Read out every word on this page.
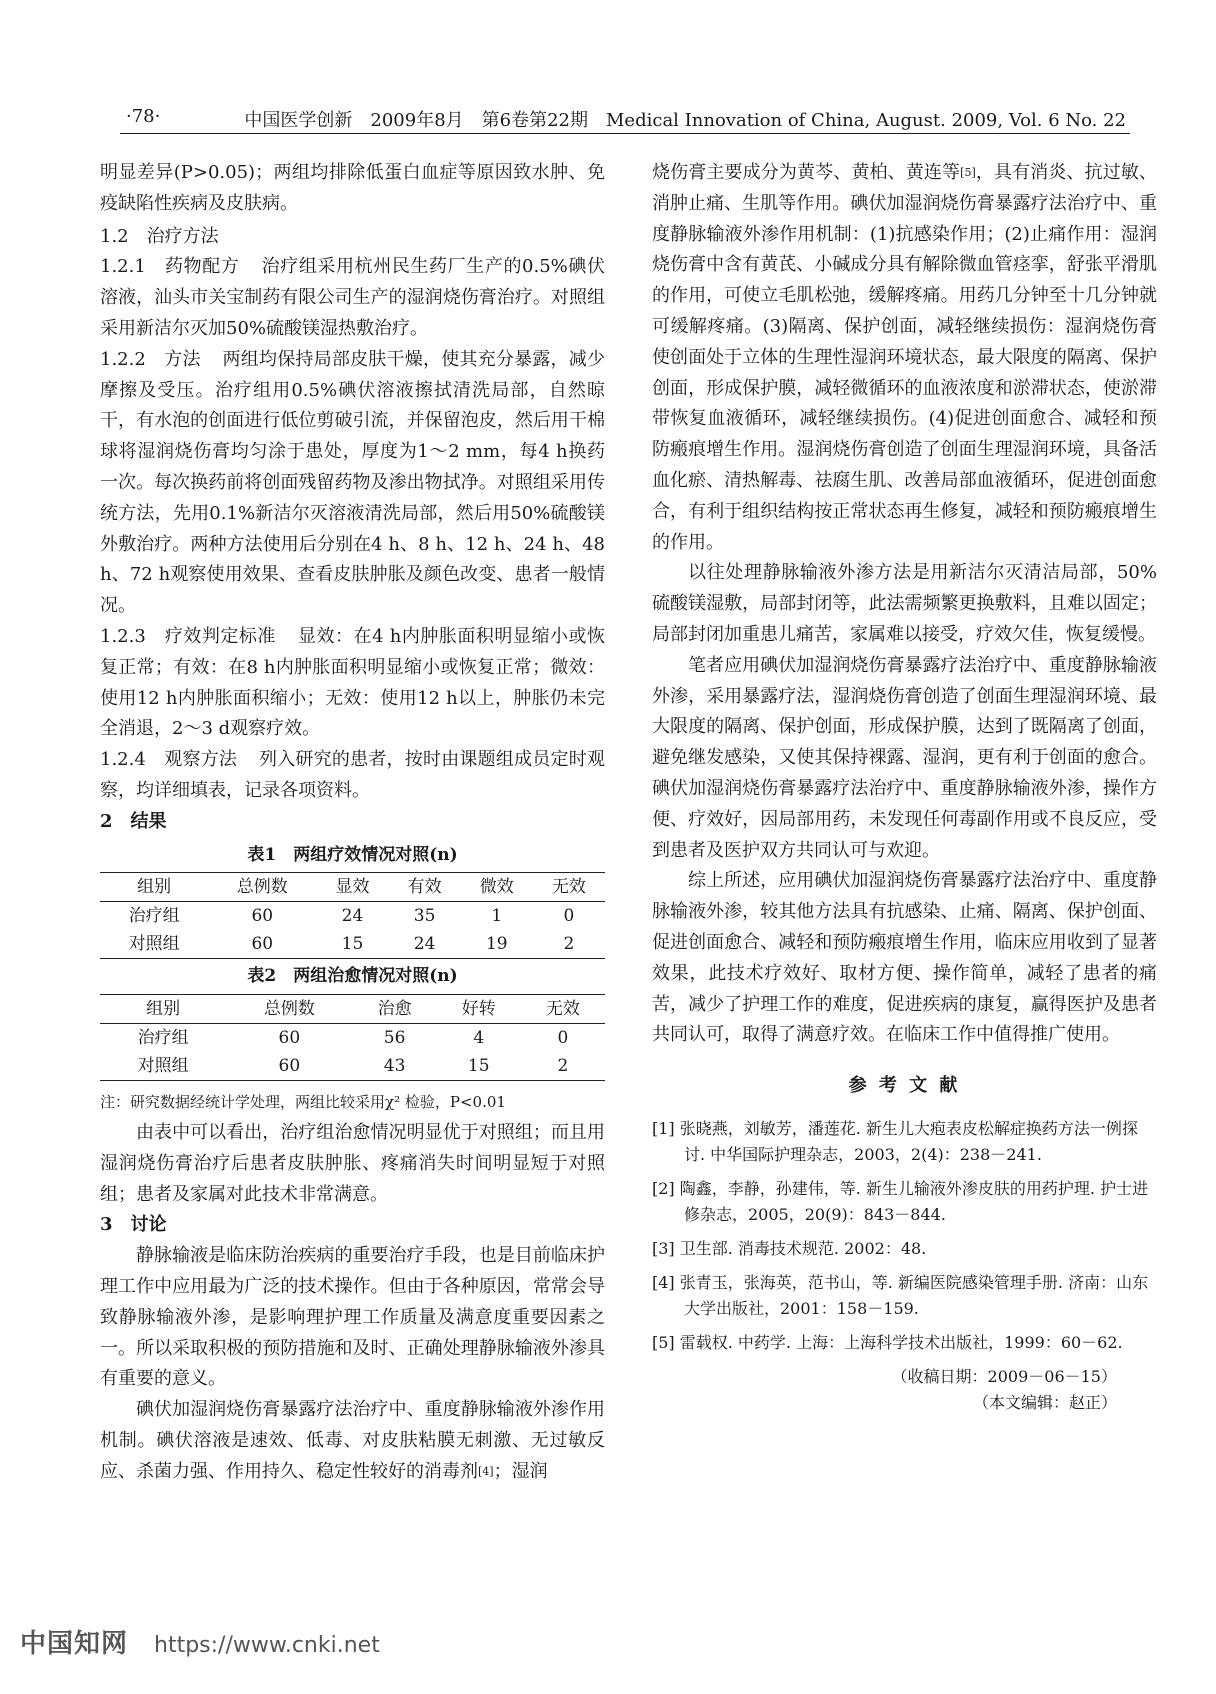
·78·	中国医学创新　2009年8月　第6卷第22期　Medical Innovation of China, August. 2009, Vol. 6 No. 22

明显差异(P>0.05)；两组均排除低蛋白血症等原因致水肿、免疫缺陷性疾病及皮肤病。

1.2　治疗方法

1.2.1　药物配方 治疗组采用杭州民生药厂生产的0.5%碘伏溶液，汕头市关宝制药有限公司生产的湿润烧伤膏治疗。对照组采用新洁尔灭加50%硫酸镁湿热敷治疗。

1.2.2　方法 两组均保持局部皮肤干燥，使其充分暴露，减少摩擦及受压。治疗组用0.5%碘伏溶液擦拭清洗局部，自然晾干，有水泡的创面进行低位剪破引流，并保留泡皮，然后用干棉球将湿润烧伤膏均匀涂于患处，厚度为1～2 mm，每4 h换药一次。每次换药前将创面残留药物及渗出物拭净。对照组采用传统方法，先用0.1%新洁尔灭溶液清洗局部，然后用50%硫酸镁外敷治疗。两种方法使用后分别在4 h、8 h、12 h、24 h、48 h、72 h观察使用效果、查看皮肤肿胀及颜色改变、患者一般情况。

1.2.3　疗效判定标准 显效：在4 h内肿胀面积明显缩小或恢复正常；有效：在8 h内肿胀面积明显缩小或恢复正常；微效：使用12 h内肿胀面积缩小；无效：使用12 h以上，肿胀仍未完全消退，2～3 d观察疗效。

1.2.4　观察方法 列入研究的患者，按时由课题组成员定时观察，均详细填表，记录各项资料。

2　结果

表1　两组疗效情况对照(n)
组别	总例数	显效	有效	微效	无效
治疗组	60	24	35	1	0
对照组	60	15	24	19	2
表2　两组治愈情况对照(n)
组别	总例数	治愈	好转	无效
治疗组	60	56	4	0
对照组	60	43	15	2

注：研究数据经统计学处理，两组比较采用χ² 检验，P<0.01

由表中可以看出，治疗组治愈情况明显优于对照组；而且用湿润烧伤膏治疗后患者皮肤肿胀、疼痛消失时间明显短于对照组；患者及家属对此技术非常满意。

3　讨论

静脉输液是临床防治疾病的重要治疗手段，也是目前临床护理工作中应用最为广泛的技术操作。但由于各种原因，常常会导致静脉输液外渗，是影响理护理工作质量及满意度重要因素之一。所以采取积极的预防措施和及时、正确处理静脉输液外渗具有重要的意义。

碘伏加湿润烧伤膏暴露疗法治疗中、重度静脉输液外渗作用机制。碘伏溶液是速效、低毒、对皮肤粘膜无刺激、无过敏反应、杀菌力强、作用持久、稳定性较好的消毒剂[4]；湿润

烧伤膏主要成分为黄芩、黄柏、黄连等[5]，具有消炎、抗过敏、消肿止痛、生肌等作用。碘伏加湿润烧伤膏暴露疗法治疗中、重度静脉输液外渗作用机制：(1)抗感染作用；(2)止痛作用：湿润烧伤膏中含有黄芪、小碱成分具有解除微血管痉挛，舒张平滑肌的作用，可使立毛肌松弛，缓解疼痛。用药几分钟至十几分钟就可缓解疼痛。(3)隔离、保护创面，减轻继续损伤：湿润烧伤膏使创面处于立体的生理性湿润环境状态，最大限度的隔离、保护创面，形成保护膜，减轻微循环的血液浓度和淤滞状态，使淤滞带恢复血液循环，减轻继续损伤。(4)促进创面愈合、减轻和预防瘢痕增生作用。湿润烧伤膏创造了创面生理湿润环境，具备活血化瘀、清热解毒、祛腐生肌、改善局部血液循环，促进创面愈合，有利于组织结构按正常状态再生修复，减轻和预防瘢痕增生的作用。

以往处理静脉输液外渗方法是用新洁尔灭清洁局部，50%硫酸镁湿敷，局部封闭等，此法需频繁更换敷料，且难以固定；局部封闭加重患儿痛苦，家属难以接受，疗效欠佳，恢复缓慢。

笔者应用碘伏加湿润烧伤膏暴露疗法治疗中、重度静脉输液外渗，采用暴露疗法，湿润烧伤膏创造了创面生理湿润环境、最大限度的隔离、保护创面，形成保护膜，达到了既隔离了创面，避免继发感染，又使其保持裸露、湿润，更有利于创面的愈合。碘伏加湿润烧伤膏暴露疗法治疗中、重度静脉输液外渗，操作方便、疗效好，因局部用药，未发现任何毒副作用或不良反应，受到患者及医护双方共同认可与欢迎。

综上所述，应用碘伏加湿润烧伤膏暴露疗法治疗中、重度静脉输液外渗，较其他方法具有抗感染、止痛、隔离、保护创面、促进创面愈合、减轻和预防瘢痕增生作用，临床应用收到了显著效果，此技术疗效好、取材方便、操作简单，减轻了患者的痛苦，减少了护理工作的难度，促进疾病的康复，赢得医护及患者共同认可，取得了满意疗效。在临床工作中值得推广使用。

参 考 文 献
[1] 张晓燕，刘敏芳，潘莲花. 新生儿大疱表皮松解症换药方法一例探讨. 中华国际护理杂志，2003，2(4)：238－241.
[2] 陶鑫，李静，孙建伟，等. 新生儿输液外渗皮肤的用药护理. 护士进修杂志，2005，20(9)：843－844.
[3] 卫生部. 消毒技术规范. 2002：48.
[4] 张青玉，张海英，范书山，等. 新编医院感染管理手册. 济南：山东大学出版社，2001：158－159.
[5] 雷载权. 中药学. 上海：上海科学技术出版社，1999：60－62.
（收稿日期：2009－06－15）
（本文编辑：赵正）
中国知网 https://www.cnki.net
